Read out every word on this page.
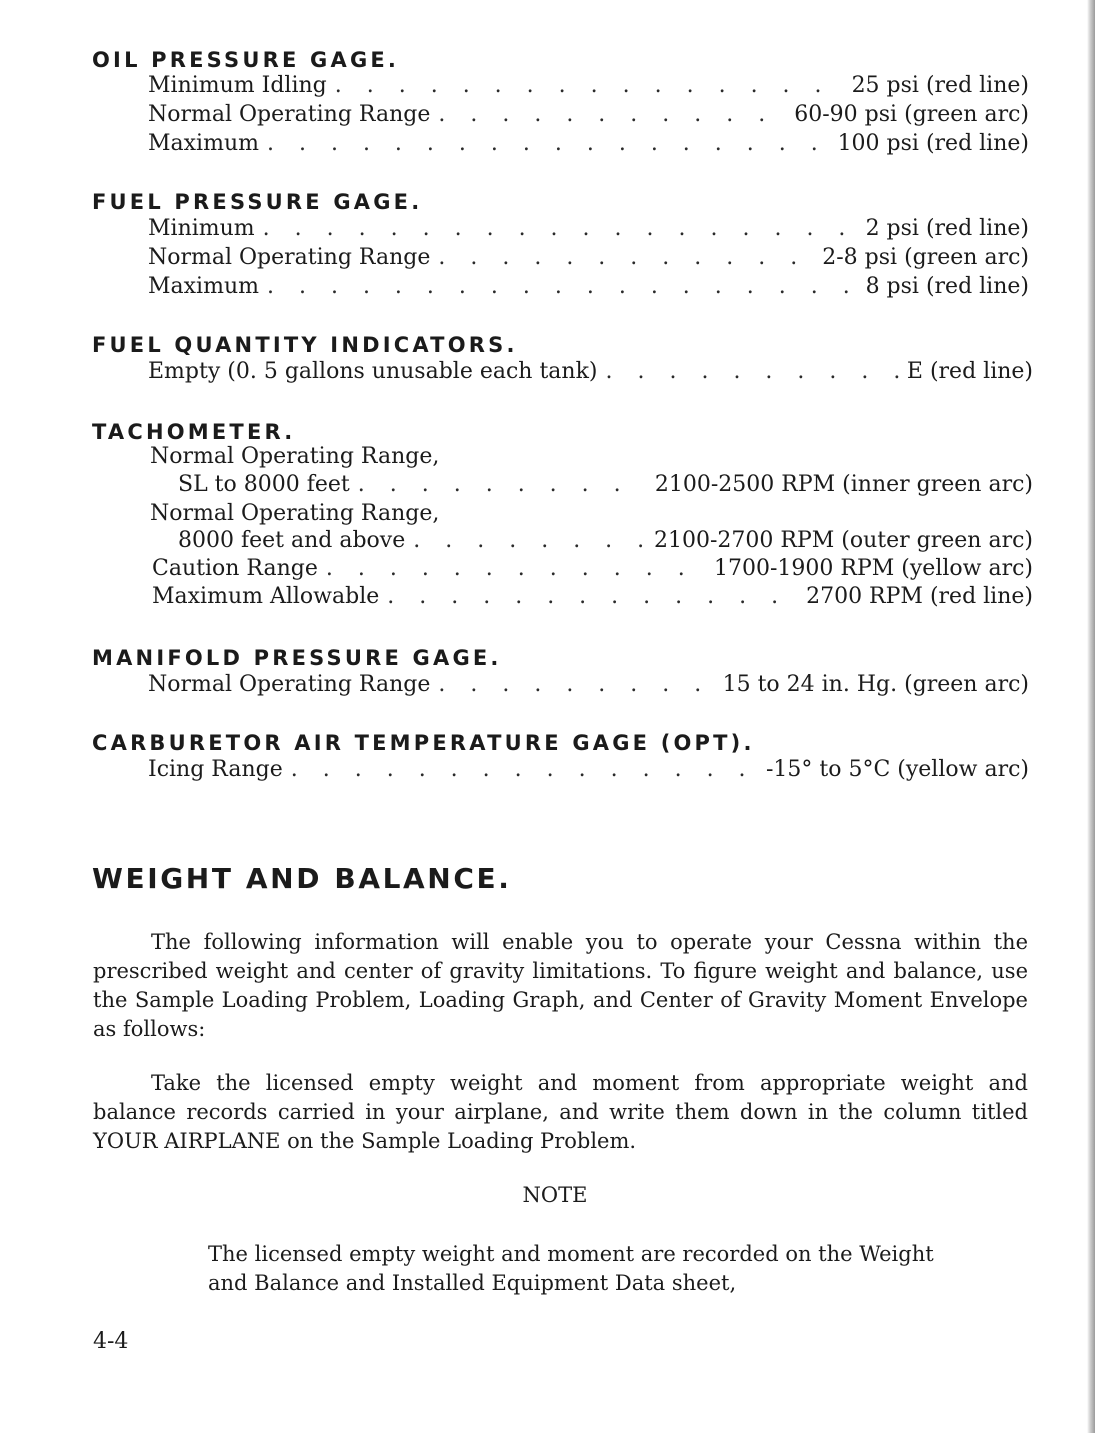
OIL PRESSURE GAGE.
Minimum Idling . . .	25 psi (red line)
Normal Operating Range . . .	60-90 psi (green arc)
Maximum . . .	100 psi (red line)
FUEL PRESSURE GAGE.
Minimum . . .	2 psi (red line)
Normal Operating Range . . .	2-8 psi (green arc)
Maximum . . .	8 psi (red line)
FUEL QUANTITY INDICATORS.
Empty (0. 5 gallons unusable each tank) . . .	E (red line)
TACHOMETER.
Normal Operating Range,
SL to 8000 feet . . .	2100-2500 RPM (inner green arc)
Normal Operating Range,
8000 feet and above . . .	2100-2700 RPM (outer green arc)
Caution Range . . .	1700-1900 RPM (yellow arc)
Maximum Allowable . . .	2700 RPM (red line)
MANIFOLD PRESSURE GAGE.
Normal Operating Range . . .	15 to 24 in. Hg. (green arc)
CARBURETOR AIR TEMPERATURE GAGE (OPT).
Icing Range . . .	-15° to 5°C (yellow arc)
WEIGHT AND BALANCE.

The following information will enable you to operate your Cessna within the prescribed weight and center of gravity limitations. To figure weight and balance, use the Sample Loading Problem, Loading Graph, and Center of Gravity Moment Envelope as follows:

Take the licensed empty weight and moment from appropriate weight and balance records carried in your airplane, and write them down in the column titled YOUR AIRPLANE on the Sample Loading Problem.

NOTE

The licensed empty weight and moment are recorded on the Weight and Balance and Installed Equipment Data sheet,

4-4
